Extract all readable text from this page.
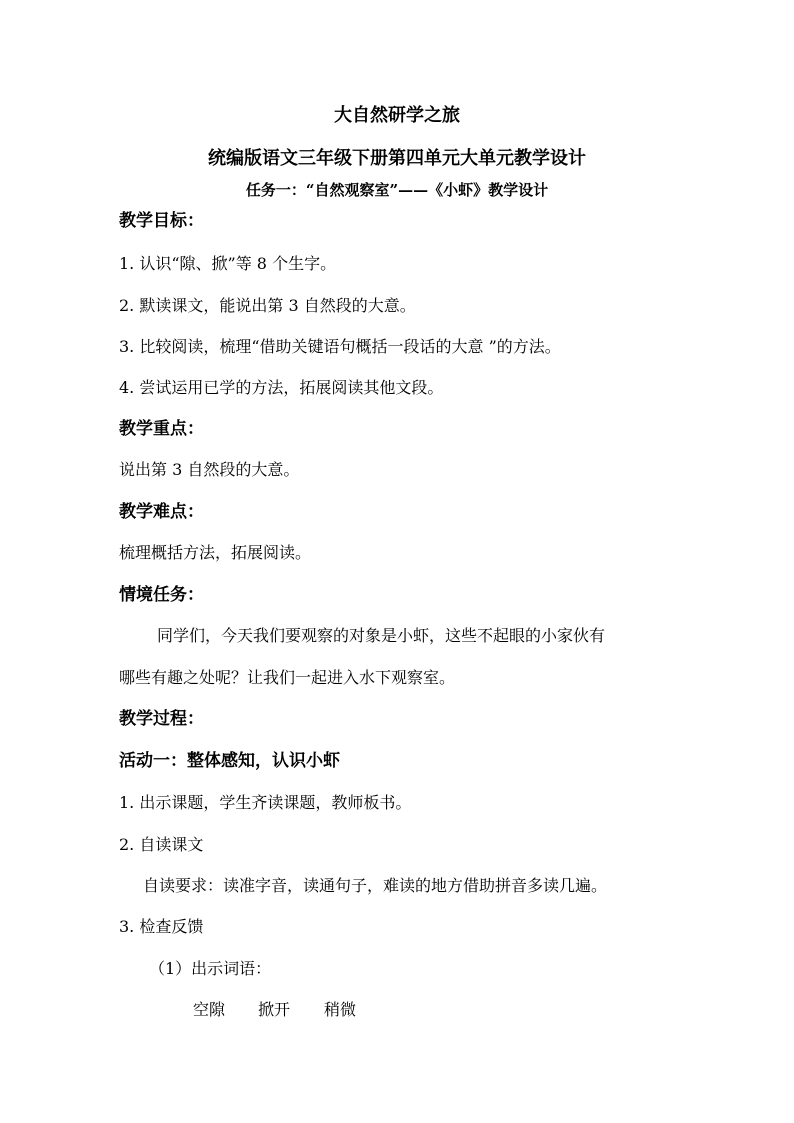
大自然研学之旅
统编版语文三年级下册第四单元大单元教学设计
任务一：“自然观察室”——《小虾》教学设计
教学目标：
1. 认识“隙、掀”等 8 个生字。
2. 默读课文，能说出第 3 自然段的大意。
3. 比较阅读，梳理“借助关键语句概括一段话的大意 ”的方法。
4. 尝试运用已学的方法，拓展阅读其他文段。
教学重点：
说出第 3 自然段的大意。
教学难点：
梳理概括方法，拓展阅读。
情境任务：
同学们，今天我们要观察的对象是小虾，这些不起眼的小家伙有
哪些有趣之处呢？让我们一起进入水下观察室。
教学过程：
活动一：整体感知，认识小虾
1. 出示课题，学生齐读课题，教师板书。
2. 自读课文
自读要求：读准字音，读通句子，难读的地方借助拼音多读几遍。
3. 检查反馈
（1）出示词语：
空隙 掀开 稍微
